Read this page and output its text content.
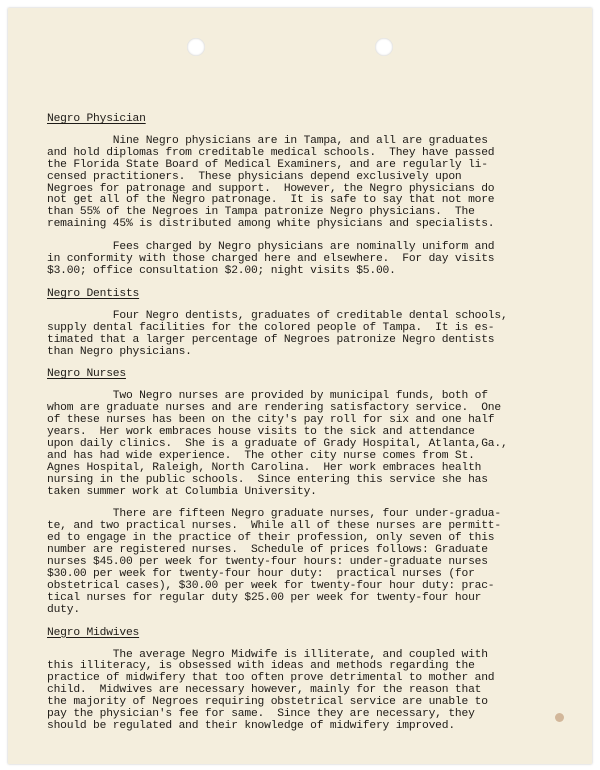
Negro Physician

Nine Negro physicians are in Tampa, and all are graduates
and hold diplomas from creditable medical schools.  They have passed
the Florida State Board of Medical Examiners, and are regularly li-
censed practitioners.  These physicians depend exclusively upon
Negroes for patronage and support.  However, the Negro physicians do
not get all of the Negro patronage.  It is safe to say that not more
than 55% of the Negroes in Tampa patronize Negro physicians.  The
remaining 45% is distributed among white physicians and specialists.

Fees charged by Negro physicians are nominally uniform and
in conformity with those charged here and elsewhere.  For day visits
$3.00; office consultation $2.00; night visits $5.00.

Negro Dentists

Four Negro dentists, graduates of creditable dental schools,
supply dental facilities for the colored people of Tampa.  It is es-
timated that a larger percentage of Negroes patronize Negro dentists
than Negro physicians.

Negro Nurses

Two Negro nurses are provided by municipal funds, both of
whom are graduate nurses and are rendering satisfactory service.  One
of these nurses has been on the city's pay roll for six and one half
years.  Her work embraces house visits to the sick and attendance
upon daily clinics.  She is a graduate of Grady Hospital, Atlanta,Ga.,
and has had wide experience.  The other city nurse comes from St.
Agnes Hospital, Raleigh, North Carolina.  Her work embraces health
nursing in the public schools.  Since entering this service she has
taken summer work at Columbia University.

There are fifteen Negro graduate nurses, four under-gradua-
te, and two practical nurses.  While all of these nurses are permitt-
ed to engage in the practice of their profession, only seven of this
number are registered nurses.  Schedule of prices follows: Graduate
nurses $45.00 per week for twenty-four hours: under-graduate nurses
$30.00 per week for twenty-four hour duty:  practical nurses (for
obstetrical cases), $30.00 per week for twenty-four hour duty: prac-
tical nurses for regular duty $25.00 per week for twenty-four hour
duty.

Negro Midwives

The average Negro Midwife is illiterate, and coupled with
this illiteracy, is obsessed with ideas and methods regarding the
practice of midwifery that too often prove detrimental to mother and
child.  Midwives are necessary however, mainly for the reason that
the majority of Negroes requiring obstetrical service are unable to
pay the physician's fee for same.  Since they are necessary, they
should be regulated and their knowledge of midwifery improved.
